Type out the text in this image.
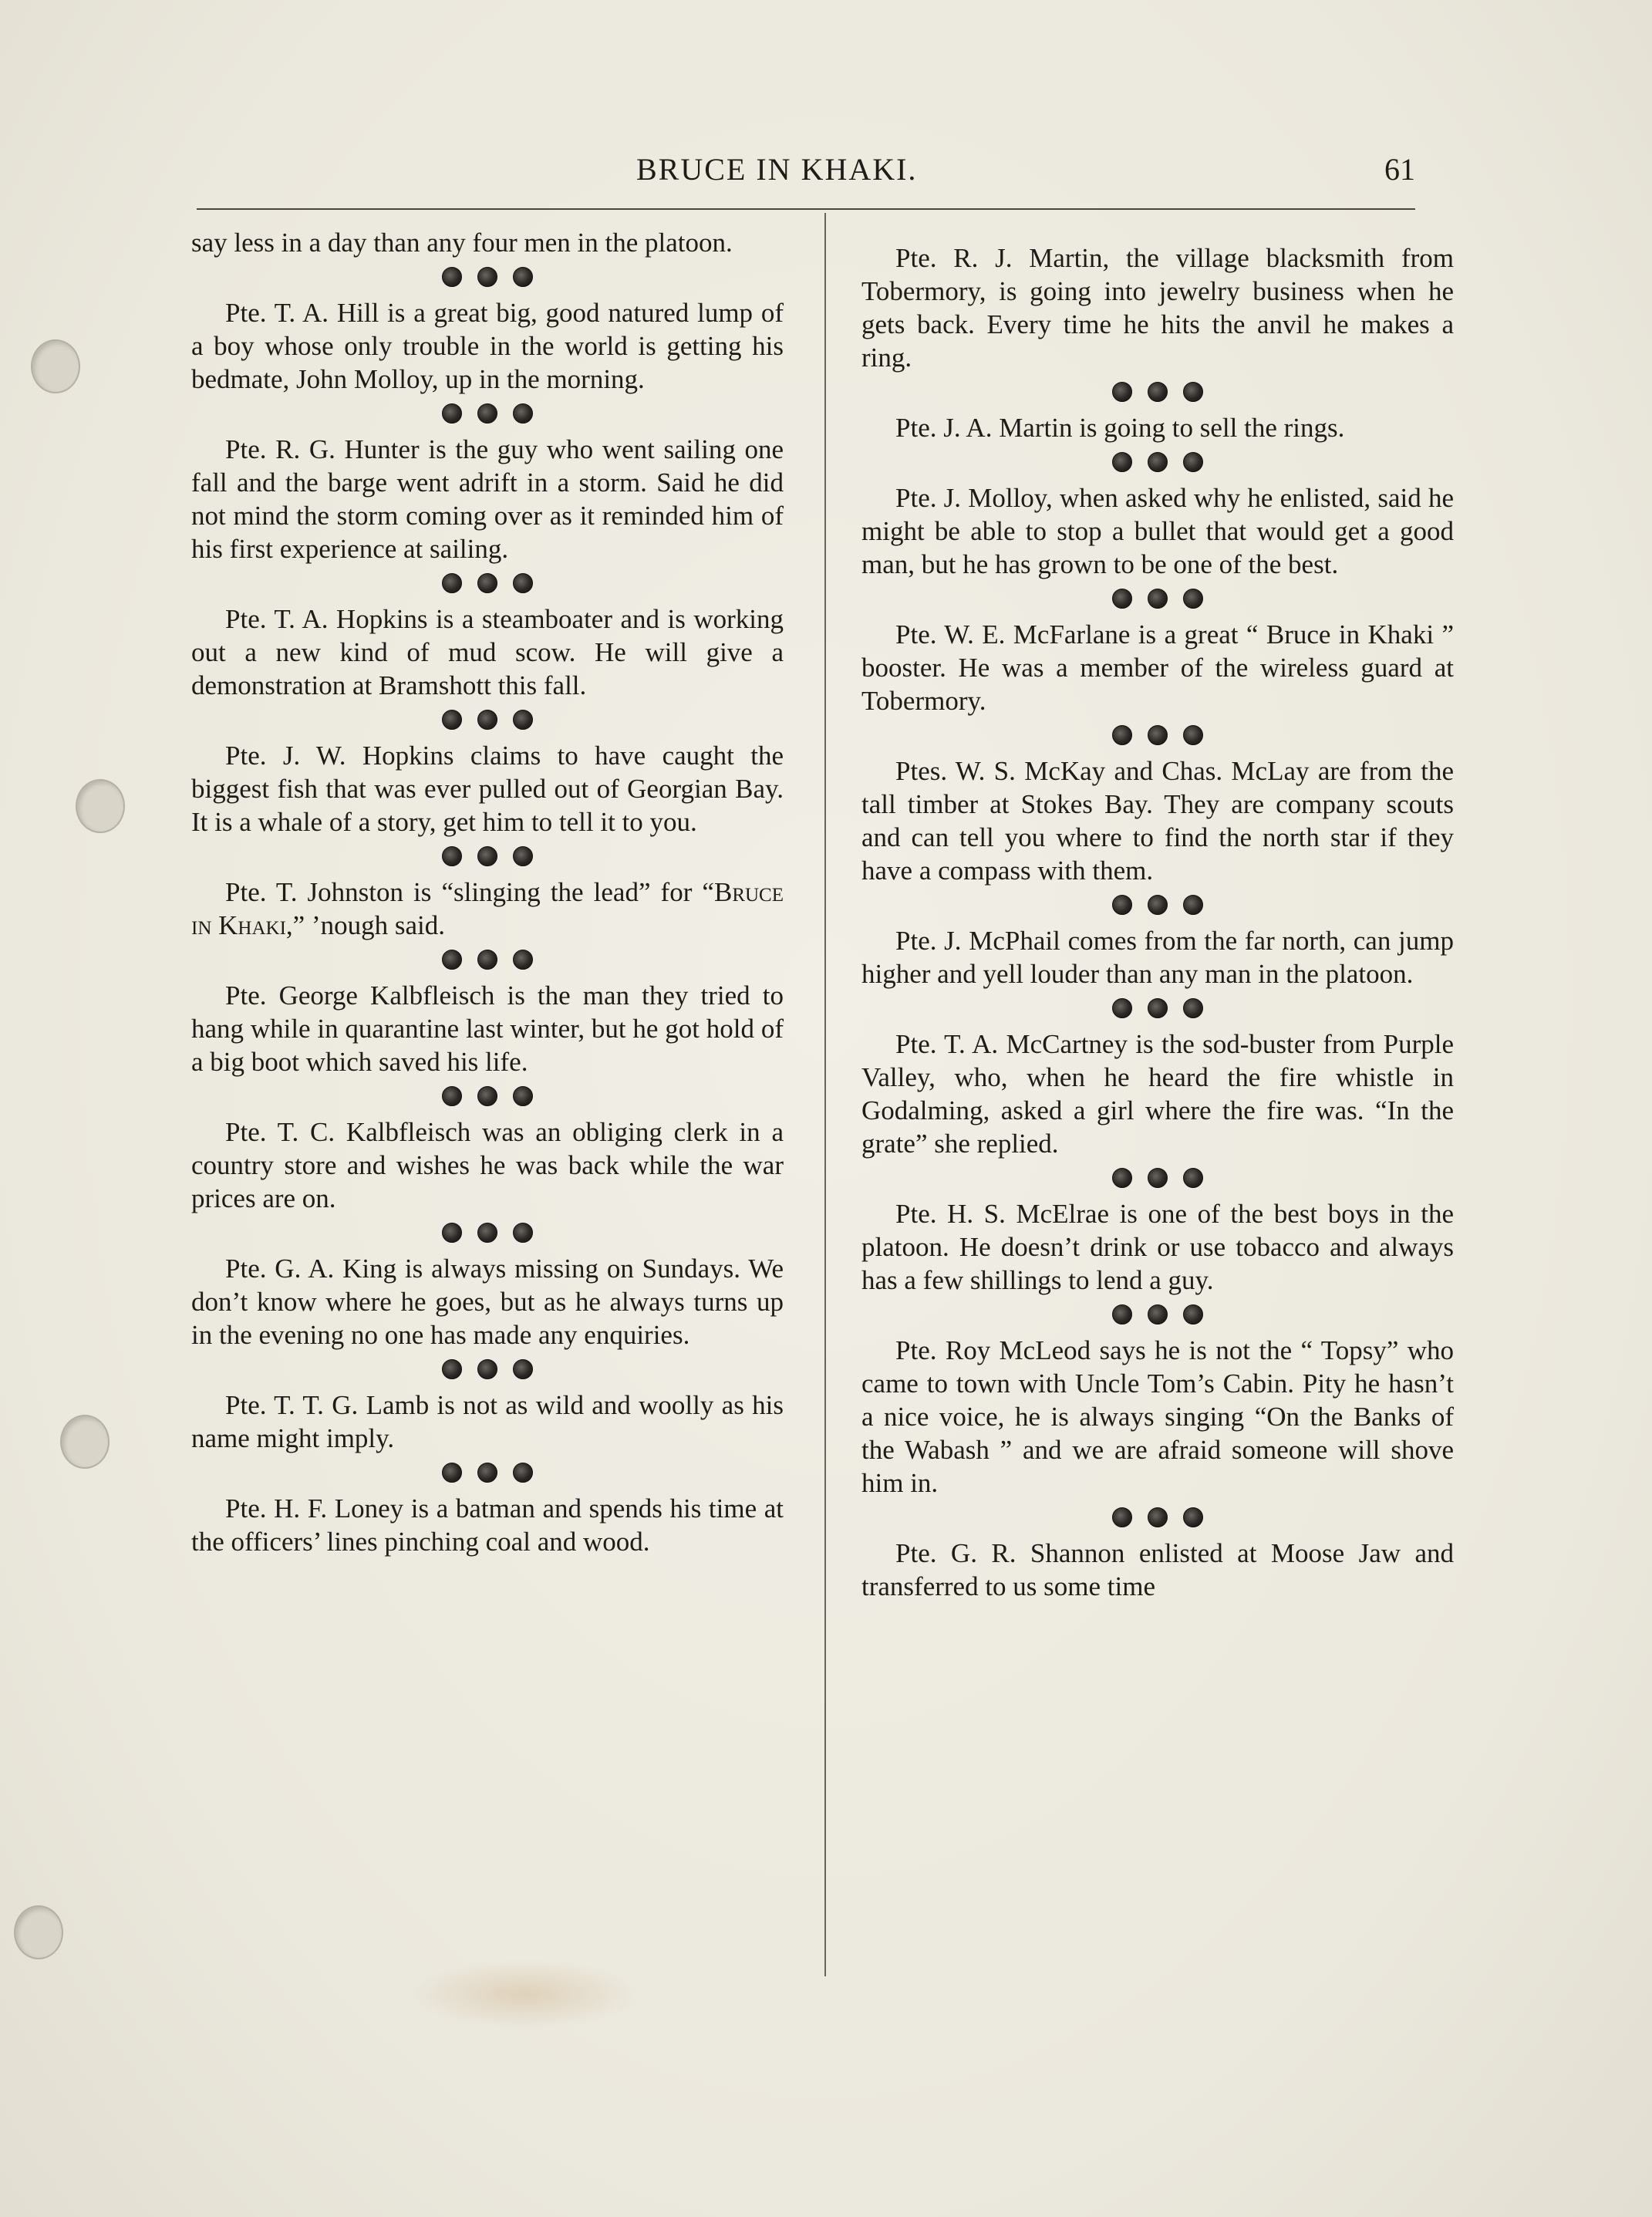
BRUCE IN KHAKI.	61

say less in a day than any four men in the platoon.

Pte. T. A. Hill is a great big, good natured lump of a boy whose only trouble in the world is getting his bedmate, John Molloy, up in the morning.

Pte. R. G. Hunter is the guy who went sailing one fall and the barge went adrift in a storm. Said he did not mind the storm coming over as it reminded him of his first experience at sailing.

Pte. T. A. Hopkins is a steamboater and is working out a new kind of mud scow. He will give a demonstration at Bramshott this fall.

Pte. J. W. Hopkins claims to have caught the biggest fish that was ever pulled out of Georgian Bay. It is a whale of a story, get him to tell it to you.

Pte. T. Johnston is “slinging the lead” for “Bruce in Khaki,” ’nough said.

Pte. George Kalbfleisch is the man they tried to hang while in quarantine last winter, but he got hold of a big boot which saved his life.

Pte. T. C. Kalbfleisch was an obliging clerk in a country store and wishes he was back while the war prices are on.

Pte. G. A. King is always missing on Sundays. We don’t know where he goes, but as he always turns up in the evening no one has made any enquiries.

Pte. T. T. G. Lamb is not as wild and woolly as his name might imply.

Pte. H. F. Loney is a batman and spends his time at the officers’ lines pinching coal and wood.

Pte. R. J. Martin, the village blacksmith from Tobermory, is going into jewelry business when he gets back. Every time he hits the anvil he makes a ring.

Pte. J. A. Martin is going to sell the rings.

Pte. J. Molloy, when asked why he enlisted, said he might be able to stop a bullet that would get a good man, but he has grown to be one of the best.

Pte. W. E. McFarlane is a great “ Bruce in Khaki ” booster. He was a member of the wireless guard at Tobermory.

Ptes. W. S. McKay and Chas. McLay are from the tall timber at Stokes Bay. They are company scouts and can tell you where to find the north star if they have a compass with them.

Pte. J. McPhail comes from the far north, can jump higher and yell louder than any man in the platoon.

Pte. T. A. McCartney is the sod-buster from Purple Valley, who, when he heard the fire whistle in Godalming, asked a girl where the fire was. “In the grate” she replied.

Pte. H. S. McElrae is one of the best boys in the platoon. He doesn’t drink or use tobacco and always has a few shillings to lend a guy.

Pte. Roy McLeod says he is not the “ Topsy” who came to town with Uncle Tom’s Cabin. Pity he hasn’t a nice voice, he is always singing “On the Banks of the Wabash ” and we are afraid someone will shove him in.

Pte. G. R. Shannon enlisted at Moose Jaw and transferred to us some time
